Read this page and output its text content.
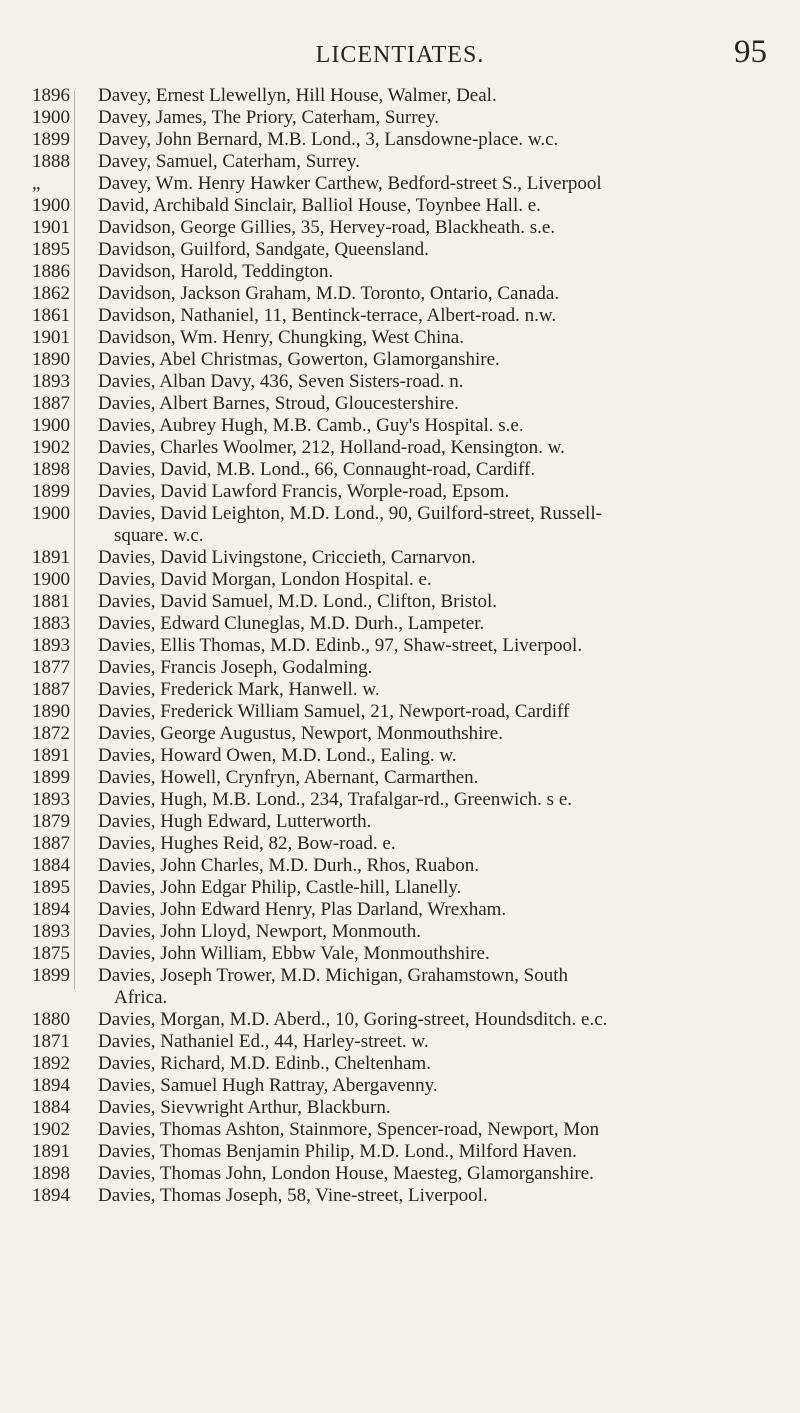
LICENTIATES.	95
1896	Davey, Ernest Llewellyn, Hill House, Walmer, Deal.
1900	Davey, James, The Priory, Caterham, Surrey.
1899	Davey, John Bernard, M.B. Lond., 3, Lansdowne-place. w.c.
1888	Davey, Samuel, Caterham, Surrey.
„	Davey, Wm. Henry Hawker Carthew, Bedford-street S., Liverpool
1900	David, Archibald Sinclair, Balliol House, Toynbee Hall. e.
1901	Davidson, George Gillies, 35, Hervey-road, Blackheath. s.e.
1895	Davidson, Guilford, Sandgate, Queensland.
1886	Davidson, Harold, Teddington.
1862	Davidson, Jackson Graham, M.D. Toronto, Ontario, Canada.
1861	Davidson, Nathaniel, 11, Bentinck-terrace, Albert-road. n.w.
1901	Davidson, Wm. Henry, Chungking, West China.
1890	Davies, Abel Christmas, Gowerton, Glamorganshire.
1893	Davies, Alban Davy, 436, Seven Sisters-road. n.
1887	Davies, Albert Barnes, Stroud, Gloucestershire.
1900	Davies, Aubrey Hugh, M.B. Camb., Guy's Hospital. s.e.
1902	Davies, Charles Woolmer, 212, Holland-road, Kensington. w.
1898	Davies, David, M.B. Lond., 66, Connaught-road, Cardiff.
1899	Davies, David Lawford Francis, Worple-road, Epsom.
1900	Davies, David Leighton, M.D. Lond., 90, Guilford-street, Russell-
square. w.c.
1891	Davies, David Livingstone, Criccieth, Carnarvon.
1900	Davies, David Morgan, London Hospital. e.
1881	Davies, David Samuel, M.D. Lond., Clifton, Bristol.
1883	Davies, Edward Cluneglas, M.D. Durh., Lampeter.
1893	Davies, Ellis Thomas, M.D. Edinb., 97, Shaw-street, Liverpool.
1877	Davies, Francis Joseph, Godalming.
1887	Davies, Frederick Mark, Hanwell. w.
1890	Davies, Frederick William Samuel, 21, Newport-road, Cardiff
1872	Davies, George Augustus, Newport, Monmouthshire.
1891	Davies, Howard Owen, M.D. Lond., Ealing. w.
1899	Davies, Howell, Crynfryn, Abernant, Carmarthen.
1893	Davies, Hugh, M.B. Lond., 234, Trafalgar-rd., Greenwich. s e.
1879	Davies, Hugh Edward, Lutterworth.
1887	Davies, Hughes Reid, 82, Bow-road. e.
1884	Davies, John Charles, M.D. Durh., Rhos, Ruabon.
1895	Davies, John Edgar Philip, Castle-hill, Llanelly.
1894	Davies, John Edward Henry, Plas Darland, Wrexham.
1893	Davies, John Lloyd, Newport, Monmouth.
1875	Davies, John William, Ebbw Vale, Monmouthshire.
1899	Davies, Joseph Trower, M.D. Michigan, Grahamstown, South
Africa.
1880	Davies, Morgan, M.D. Aberd., 10, Goring-street, Houndsditch. e.c.
1871	Davies, Nathaniel Ed., 44, Harley-street. w.
1892	Davies, Richard, M.D. Edinb., Cheltenham.
1894	Davies, Samuel Hugh Rattray, Abergavenny.
1884	Davies, Sievwright Arthur, Blackburn.
1902	Davies, Thomas Ashton, Stainmore, Spencer-road, Newport, Mon
1891	Davies, Thomas Benjamin Philip, M.D. Lond., Milford Haven.
1898	Davies, Thomas John, London House, Maesteg, Glamorganshire.
1894	Davies, Thomas Joseph, 58, Vine-street, Liverpool.
